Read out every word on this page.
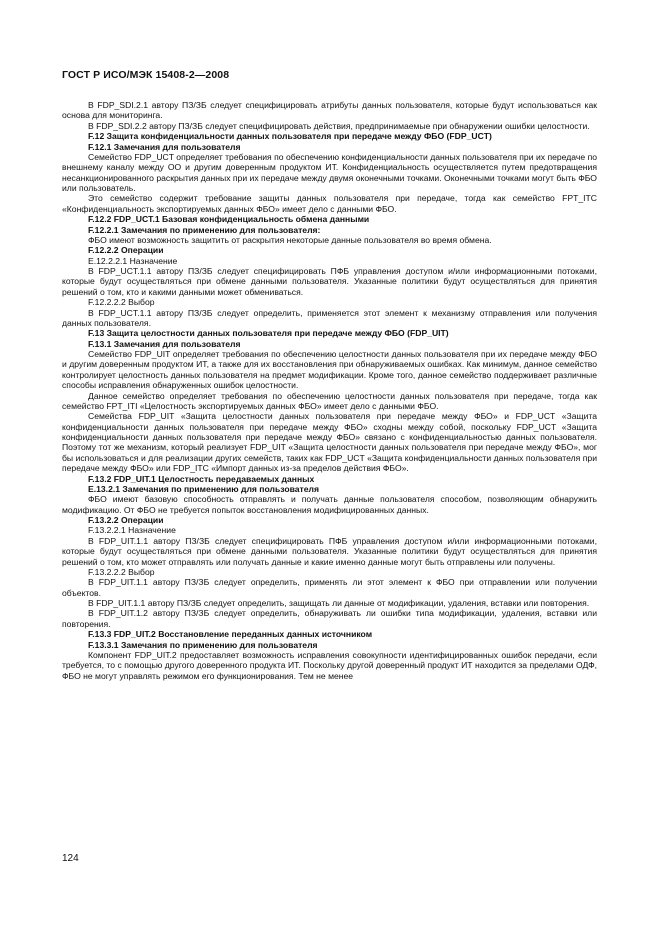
ГОСТ Р ИСО/МЭК 15408-2—2008

В FDP_SDI.2.1 автору ПЗ/ЗБ следует специфицировать атрибуты данных пользователя, которые будут использоваться как основа для мониторинга.

В FDP_SDI.2.2 автору ПЗ/ЗБ следует специфицировать действия, предпринимаемые при обнаружении ошибки целостности.

F.12 Защита конфиденциальности данных пользователя при передаче между ФБО (FDP_UCT)

F.12.1 Замечания для пользователя

Семейство FDP_UCT определяет требования по обеспечению конфиденциальности данных пользователя при их передаче по внешнему каналу между ОО и другим доверенным продуктом ИТ. Конфиденциальность осуществляется путем предотвращения несанкционированного раскрытия данных при их передаче между двумя оконечными точками. Оконечными точками могут быть ФБО или пользователь.

Это семейство содержит требование защиты данных пользователя при передаче, тогда как семейство FPT_ITC «Конфиденциальность экспортируемых данных ФБО» имеет дело с данными ФБО.

F.12.2 FDP_UCT.1 Базовая конфиденциальность обмена данными

F.12.2.1 Замечания по применению для пользователя:

ФБО имеют возможность защитить от раскрытия некоторые данные пользователя во время обмена.

F.12.2.2 Операции

Е.12.2.2.1 Назначение

В FDP_UCT.1.1 автору ПЗ/ЗБ следует специфицировать ПФБ управления доступом и/или информационными потоками, которые будут осуществляться при обмене данными пользователя. Указанные политики будут осуществляться для принятия решений о том, кто и какими данными может обмениваться.

F.12.2.2.2 Выбор

В FDP_UCT.1.1 автору ПЗ/ЗБ следует определить, применяется этот элемент к механизму отправления или получения данных пользователя.

F.13 Защита целостности данных пользователя при передаче между ФБО (FDP_UIT)

F.13.1 Замечания для пользователя

Семейство FDP_UIT определяет требования по обеспечению целостности данных пользователя при их передаче между ФБО и другим доверенным продуктом ИТ, а также для их восстановления при обнаруживаемых ошибках. Как минимум, данное семейство контролирует целостность данных пользователя на предмет модификации. Кроме того, данное семейство поддерживает различные способы исправления обнаруженных ошибок целостности.

Данное семейство определяет требования по обеспечению целостности данных пользователя при передаче, тогда как семейство FPT_ITI «Целостность экспортируемых данных ФБО» имеет дело с данными ФБО.

Семейства FDP_UIT «Защита целостности данных пользователя при передаче между ФБО» и FDP_UCT «Защита конфиденциальности данных пользователя при передаче между ФБО» сходны между собой, поскольку FDP_UCT «Защита конфиденциальности данных пользователя при передаче между ФБО» связано с конфиденциальностью данных пользователя. Поэтому тот же механизм, который реализует FDP_UIT «Защита целостности данных пользователя при передаче между ФБО», мог бы использоваться и для реализации других семейств, таких как FDP_UCT «Защита конфиденциальности данных пользователя при передаче между ФБО» или FDP_ITC «Импорт данных из-за пределов действия ФБО».

F.13.2 FDP_UIT.1 Целостность передаваемых данных

Е.13.2.1 Замечания по применению для пользователя

ФБО имеют базовую способность отправлять и получать данные пользователя способом, позволяющим обнаружить модификацию. От ФБО не требуется попыток восстановления модифицированных данных.

F.13.2.2 Операции

F.13.2.2.1 Назначение

В FDP_UIT.1.1 автору ПЗ/ЗБ следует специфицировать ПФБ управления доступом и/или информационными потоками, которые будут осуществляться при обмене данными пользователя. Указанные политики будут осуществляться для принятия решений о том, кто может отправлять или получать данные и какие именно данные могут быть отправлены или получены.

F.13.2.2.2 Выбор

В FDP_UIT.1.1 автору ПЗ/ЗБ следует определить, применять ли этот элемент к ФБО при отправлении или получении объектов.

В FDP_UIT.1.1 автору ПЗ/ЗБ следует определить, защищать ли данные от модификации, удаления, вставки или повторения.

В FDP_UIT.1.2 автору ПЗ/ЗБ следует определить, обнаруживать ли ошибки типа модификации, удаления, вставки или повторения.

F.13.3 FDP_UIT.2 Восстановление переданных данных источником

F.13.3.1 Замечания по применению для пользователя

Компонент FDP_UIT.2 предоставляет возможность исправления совокупности идентифицированных ошибок передачи, если требуется, то с помощью другого доверенного продукта ИТ. Поскольку другой доверенный продукт ИТ находится за пределами ОДФ, ФБО не могут управлять режимом его функционирования. Тем не менее

124
